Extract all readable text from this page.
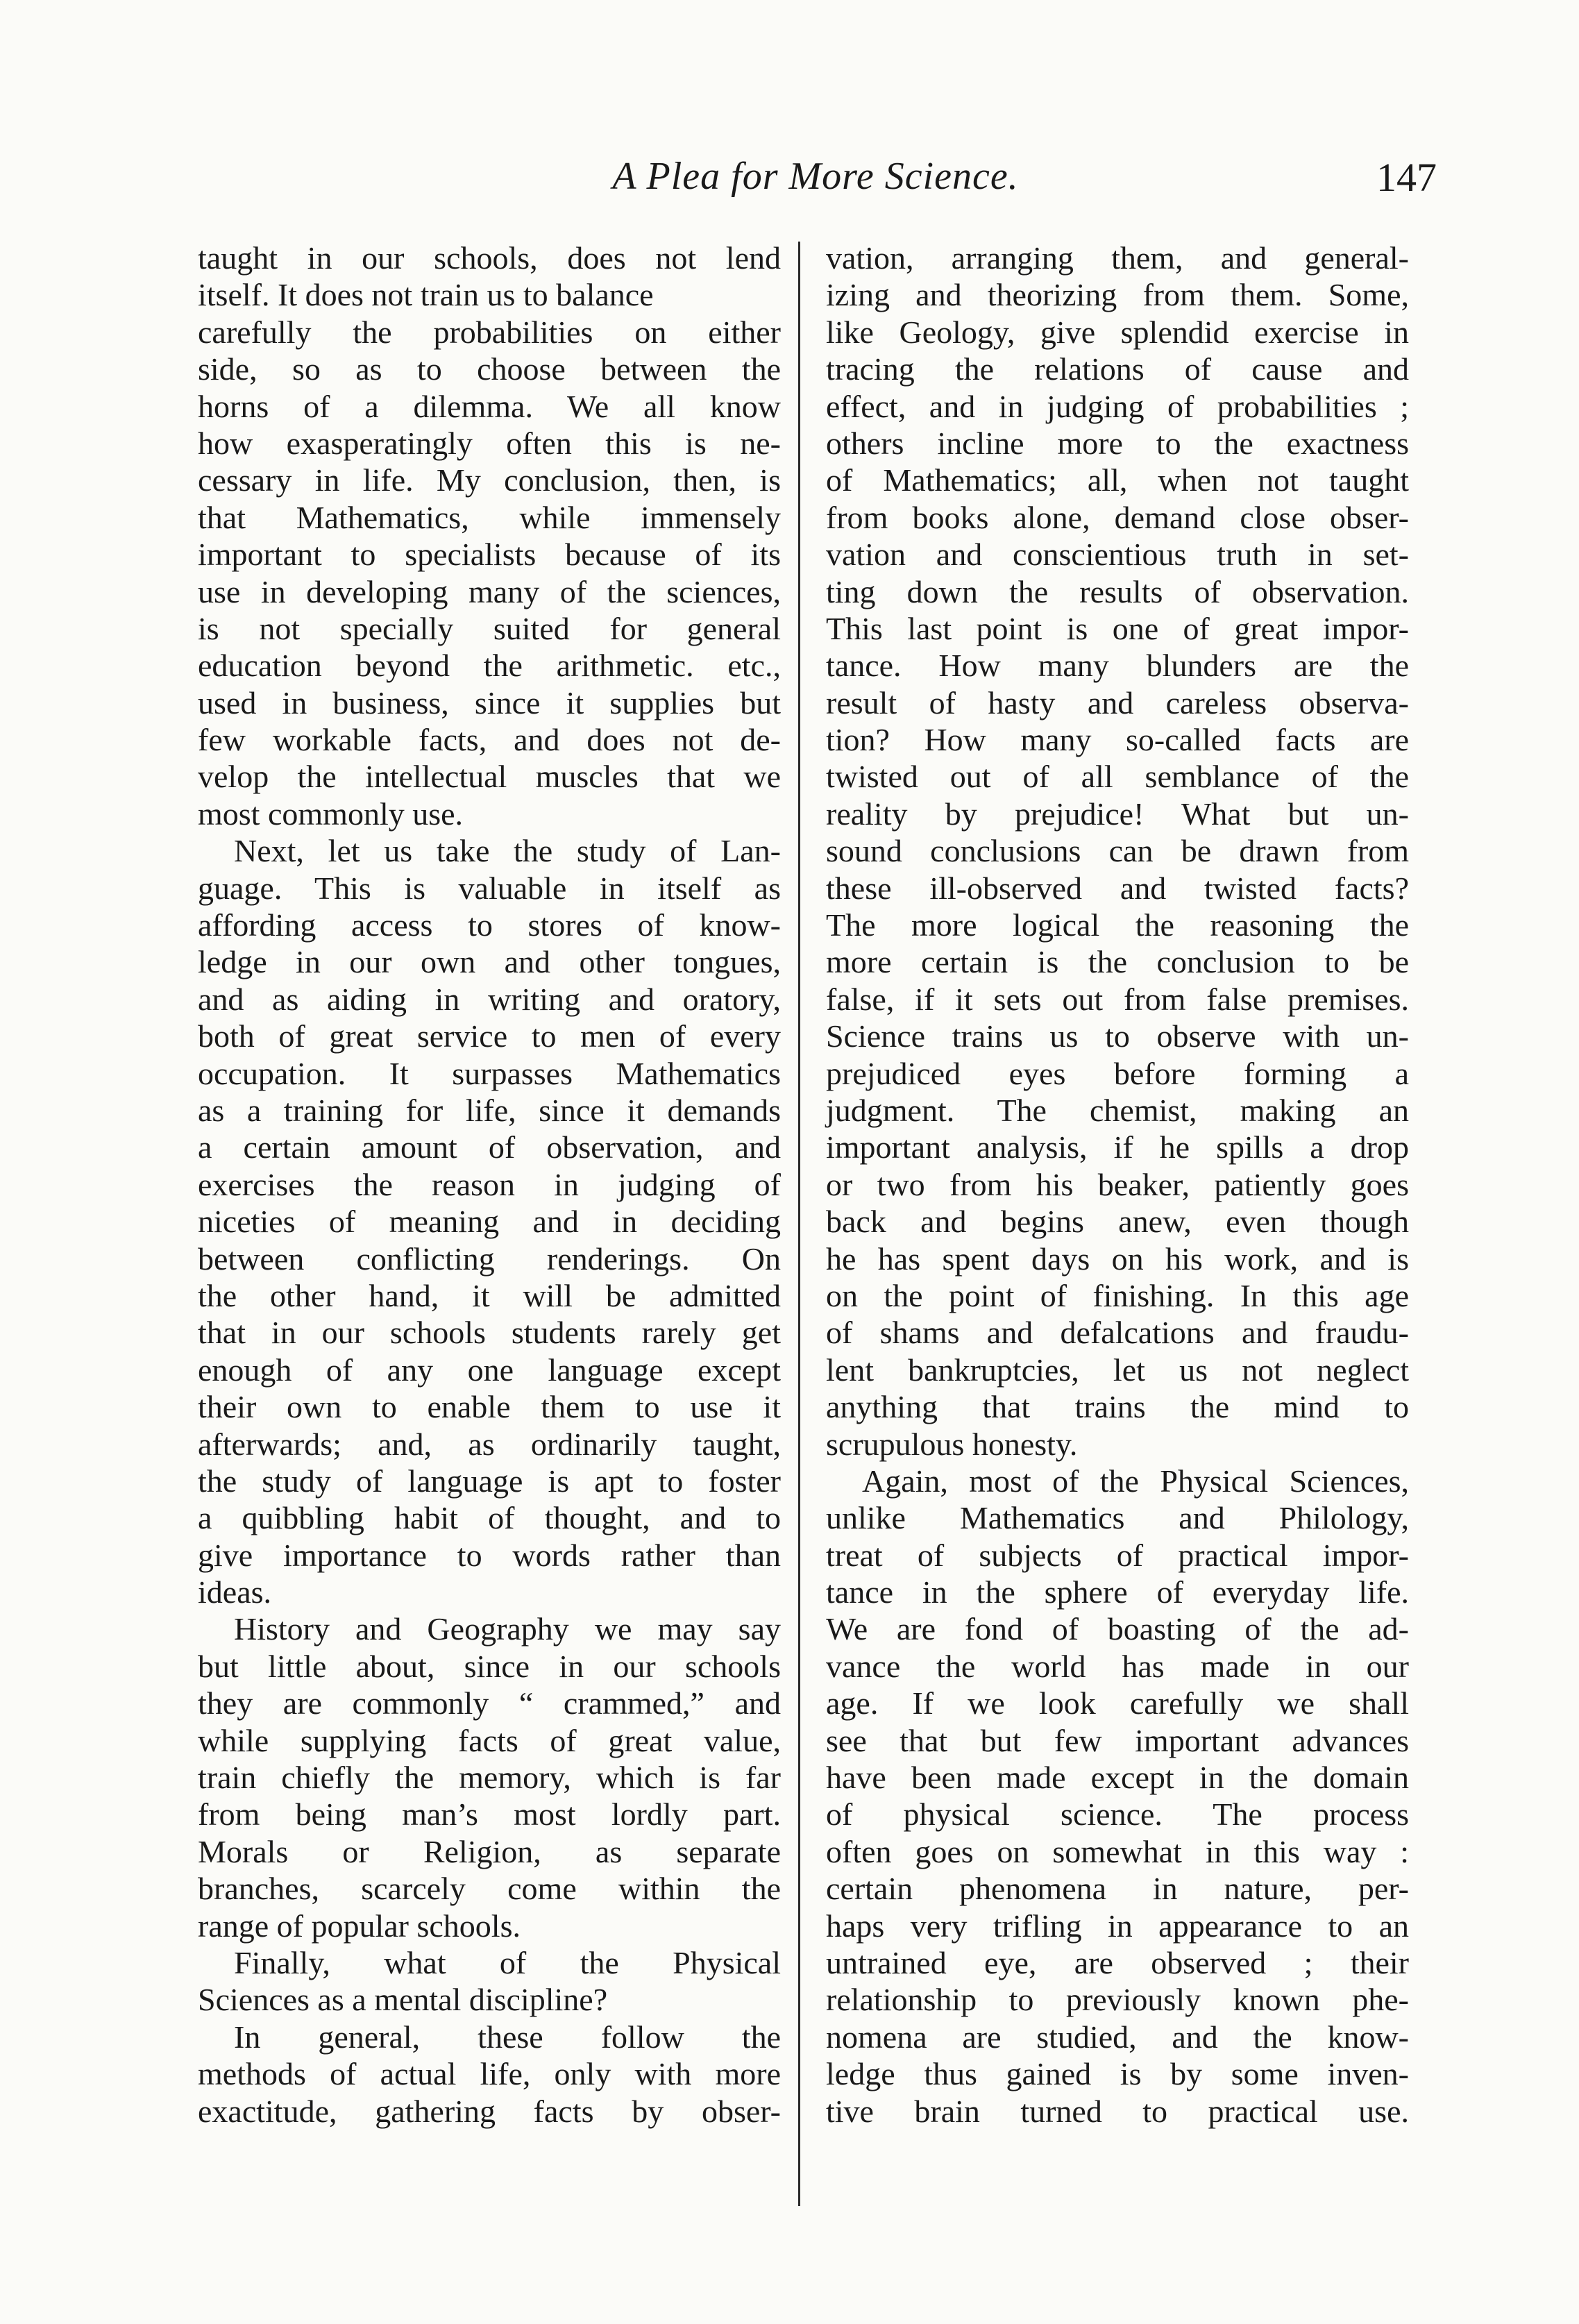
A Plea for More Science.	147
taught in our schools, does not lend
itself. It does not train us to balance
carefully the probabilities on either
side, so as to choose between the
horns of a dilemma. We all know
how exasperatingly often this is ne-
cessary in life. My conclusion, then, is
that Mathematics, while immensely
important to specialists because of its
use in developing many of the sciences,
is not specially suited for general
education beyond the arithmetic. etc.,
used in business, since it supplies but
few workable facts, and does not de-
velop the intellectual muscles that we
most commonly use.
Next, let us take the study of Lan-
guage. This is valuable in itself as
affording access to stores of know-
ledge in our own and other tongues,
and as aiding in writing and oratory,
both of great service to men of every
occupation. It surpasses Mathematics
as a training for life, since it demands
a certain amount of observation, and
exercises the reason in judging of
niceties of meaning and in deciding
between conflicting renderings. On
the other hand, it will be admitted
that in our schools students rarely get
enough of any one language except
their own to enable them to use it
afterwards; and, as ordinarily taught,
the study of language is apt to foster
a quibbling habit of thought, and to
give importance to words rather than
ideas.
History and Geography we may say
but little about, since in our schools
they are commonly “ crammed,” and
while supplying facts of great value,
train chiefly the memory, which is far
from being man’s most lordly part.
Morals or Religion, as separate
branches, scarcely come within the
range of popular schools.
Finally, what of the Physical
Sciences as a mental discipline?
In general, these follow the
methods of actual life, only with more
exactitude, gathering facts by obser-
vation, arranging them, and general-
izing and theorizing from them. Some,
like Geology, give splendid exercise in
tracing the relations of cause and
effect, and in judging of probabilities ;
others incline more to the exactness
of Mathematics; all, when not taught
from books alone, demand close obser-
vation and conscientious truth in set-
ting down the results of observation.
This last point is one of great impor-
tance. How many blunders are the
result of hasty and careless observa-
tion? How many so-called facts are
twisted out of all semblance of the
reality by prejudice! What but un-
sound conclusions can be drawn from
these ill-observed and twisted facts?
The more logical the reasoning the
more certain is the conclusion to be
false, if it sets out from false premises.
Science trains us to observe with un-
prejudiced eyes before forming a
judgment. The chemist, making an
important analysis, if he spills a drop
or two from his beaker, patiently goes
back and begins anew, even though
he has spent days on his work, and is
on the point of finishing. In this age
of shams and defalcations and fraudu-
lent bankruptcies, let us not neglect
anything that trains the mind to
scrupulous honesty.
Again, most of the Physical Sciences,
unlike Mathematics and Philology,
treat of subjects of practical impor-
tance in the sphere of everyday life.
We are fond of boasting of the ad-
vance the world has made in our
age. If we look carefully we shall
see that but few important advances
have been made except in the domain
of physical science. The process
often goes on somewhat in this way :
certain phenomena in nature, per-
haps very trifling in appearance to an
untrained eye, are observed ; their
relationship to previously known phe-
nomena are studied, and the know-
ledge thus gained is by some inven-
tive brain turned to practical use.
